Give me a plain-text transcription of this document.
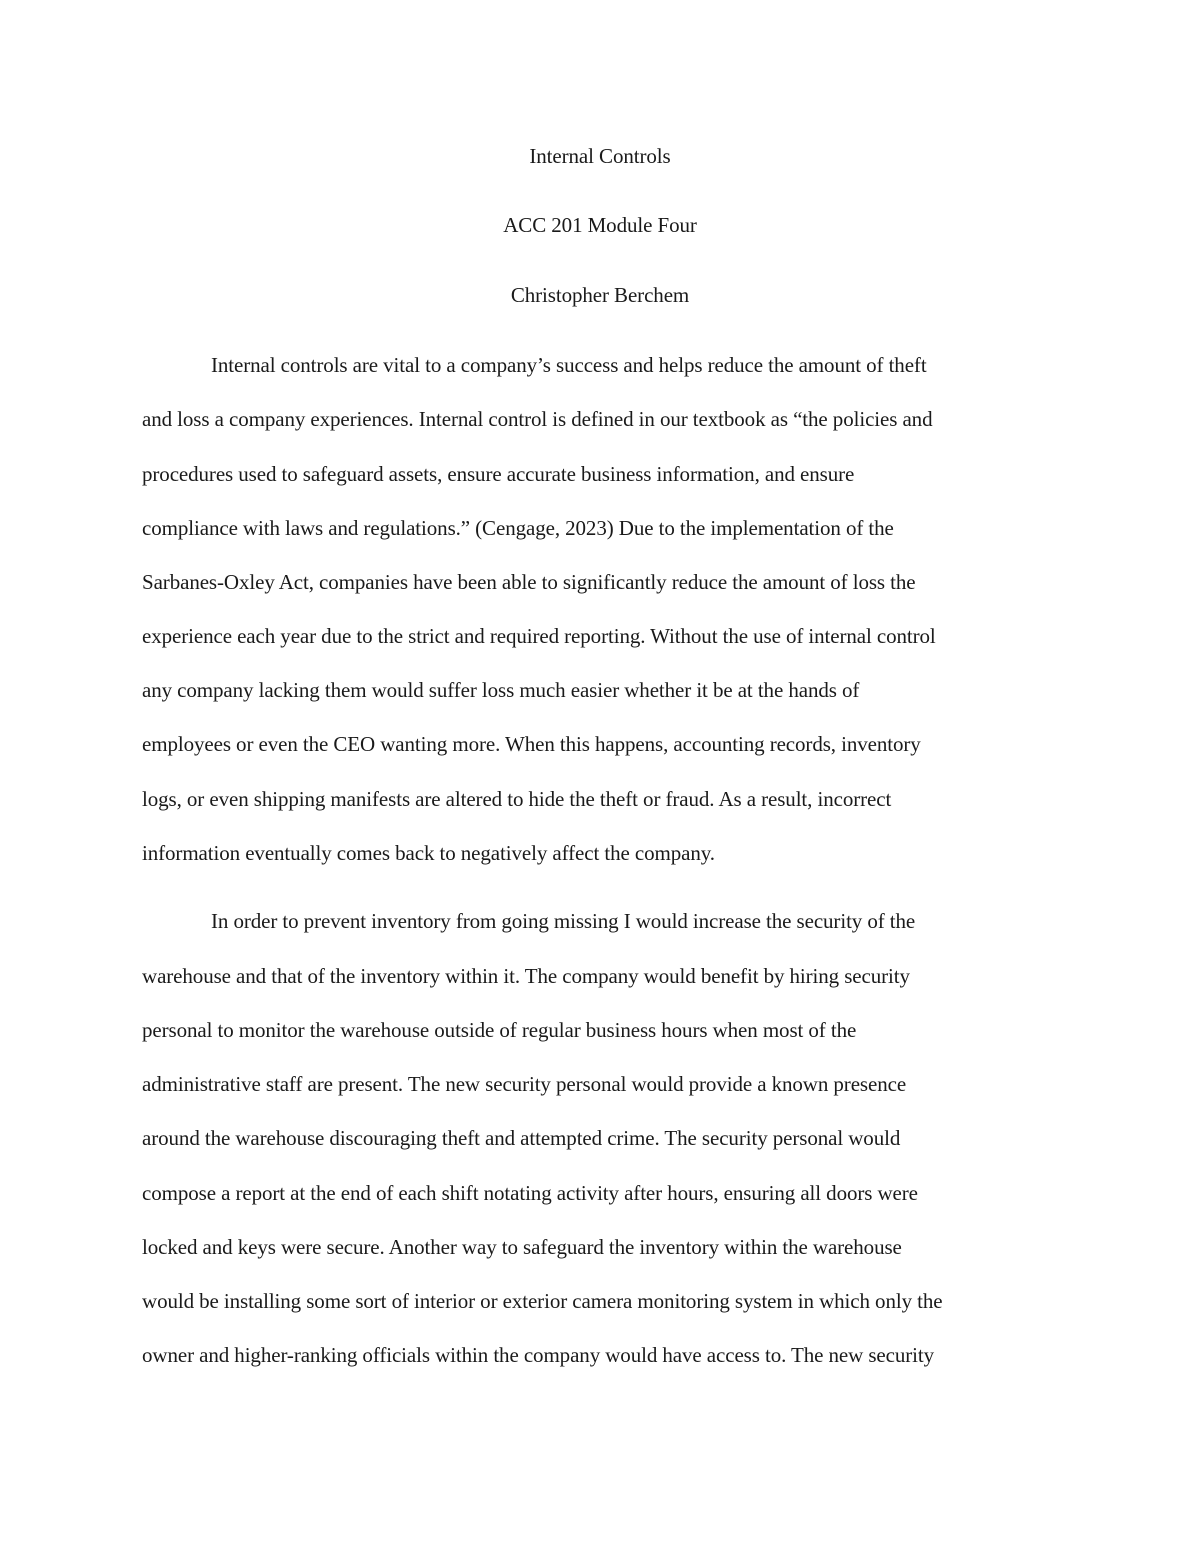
Internal Controls
ACC 201 Module Four
Christopher Berchem
Internal controls are vital to a company’s success and helps reduce the amount of theft
and loss a company experiences. Internal control is defined in our textbook as “the policies and
procedures used to safeguard assets, ensure accurate business information, and ensure
compliance with laws and regulations.” (Cengage, 2023) Due to the implementation of the
Sarbanes-Oxley Act, companies have been able to significantly reduce the amount of loss the
experience each year due to the strict and required reporting. Without the use of internal control
any company lacking them would suffer loss much easier whether it be at the hands of
employees or even the CEO wanting more. When this happens, accounting records, inventory
logs, or even shipping manifests are altered to hide the theft or fraud. As a result, incorrect
information eventually comes back to negatively affect the company.
In order to prevent inventory from going missing I would increase the security of the
warehouse and that of the inventory within it. The company would benefit by hiring security
personal to monitor the warehouse outside of regular business hours when most of the
administrative staff are present. The new security personal would provide a known presence
around the warehouse discouraging theft and attempted crime. The security personal would
compose a report at the end of each shift notating activity after hours, ensuring all doors were
locked and keys were secure. Another way to safeguard the inventory within the warehouse
would be installing some sort of interior or exterior camera monitoring system in which only the
owner and higher-ranking officials within the company would have access to. The new security
